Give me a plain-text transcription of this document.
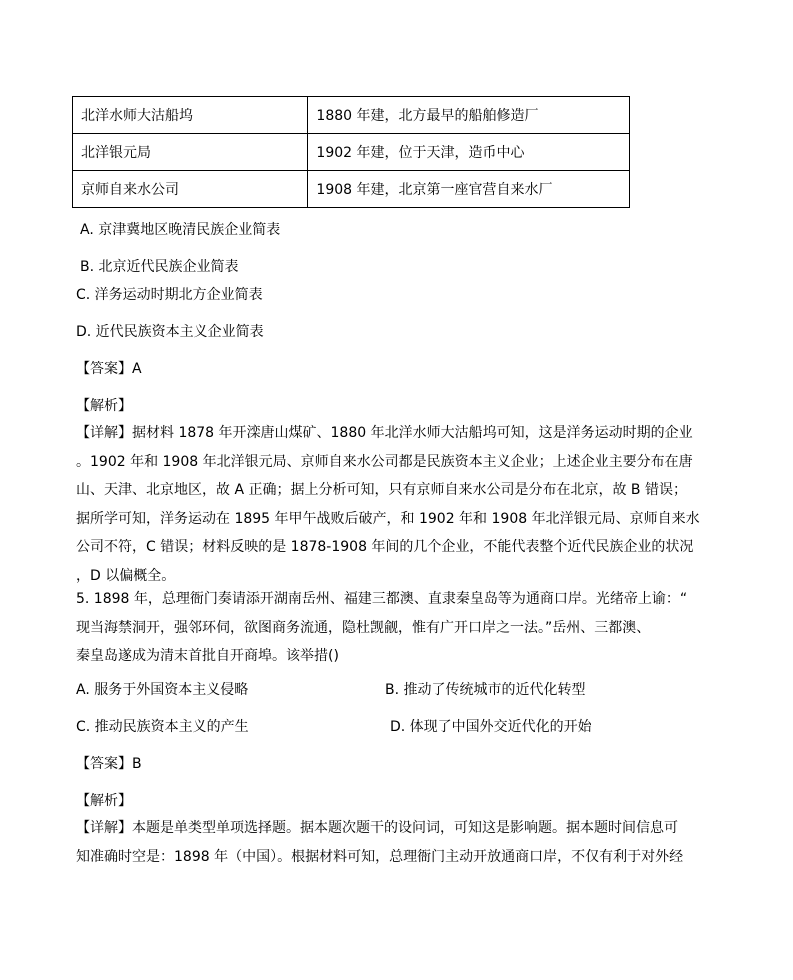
北洋水师大沽船坞	1880 年建，北方最早的船舶修造厂
北洋银元局	1902 年建，位于天津，造币中心
京师自来水公司	1908 年建，北京第一座官营自来水厂
A. 京津冀地区晚清民族企业简表
B. 北京近代民族企业简表
C. 洋务运动时期北方企业简表
D. 近代民族资本主义企业简表
【答案】A
【解析】
【详解】据材料 1878 年开滦唐山煤矿、1880 年北洋水师大沽船坞可知，这是洋务运动时期的企业
。1902 年和 1908 年北洋银元局、京师自来水公司都是民族资本主义企业；上述企业主要分布在唐
山、天津、北京地区，故 A 正确；据上分析可知，只有京师自来水公司是分布在北京，故 B 错误；
据所学可知，洋务运动在 1895 年甲午战败后破产，和 1902 年和 1908 年北洋银元局、京师自来水
公司不符，C 错误；材料反映的是 1878-1908 年间的几个企业，不能代表整个近代民族企业的状况
，D 以偏概全。
5. 1898 年，总理衙门奏请添开湖南岳州、福建三都澳、直隶秦皇岛等为通商口岸。光绪帝上谕：“
现当海禁洞开，强邻环伺，欲图商务流通，隐杜觊觎，惟有广开口岸之一法。”岳州、三都澳、
秦皇岛遂成为清末首批自开商埠。该举措()
A. 服务于外国资本主义侵略	B. 推动了传统城市的近代化转型
C. 推动民族资本主义的产生	D. 体现了中国外交近代化的开始
【答案】B
【解析】
【详解】本题是单类型单项选择题。据本题次题干的设问词，可知这是影响题。据本题时间信息可
知准确时空是：1898 年（中国）。根据材料可知，总理衙门主动开放通商口岸，不仅有利于对外经
